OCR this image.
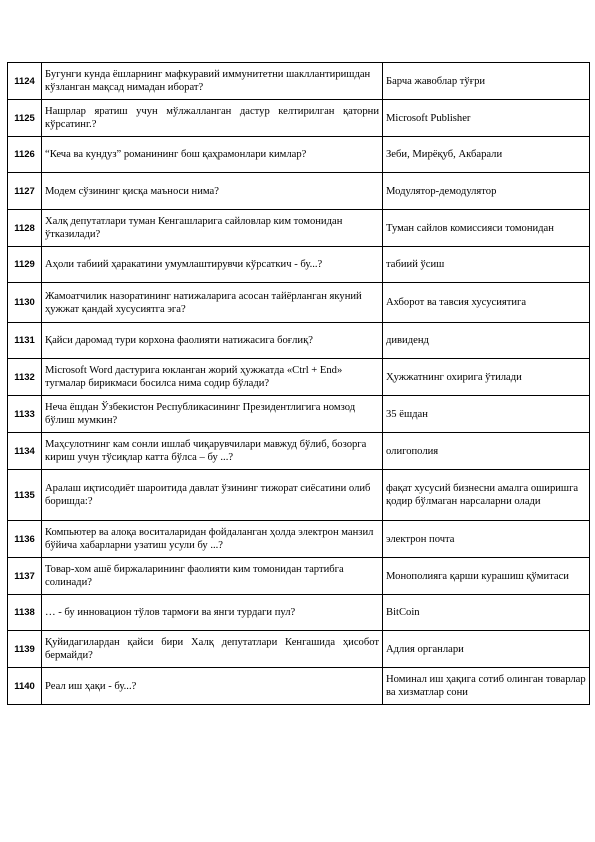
1124	Бугунги кунда ёшларнинг мафкуравий иммунитетни шакллантиришдан кўзланган мақсад нимадан иборат?	Барча жавоблар тўғри
1125	Нашрлар яратиш учун мўлжалланган дастур келтирилган қаторни кўрсатинг.?	Microsoft Publisher
1126	“Кеча ва кундуз” романининг бош қаҳрамонлари кимлар?	Зеби, Мирёқуб, Акбарали
1127	Модем сўзининг қисқа маъноси нима?	Модулятор-демодулятор
1128	Халқ депутатлари туман Кенгашларига сайловлар ким томонидан ўтказилади?	Туман сайлов комиссияси томонидан
1129	Аҳоли табиий ҳаракатини умумлаштирувчи кўрсаткич - бу...?	табиий ўсиш
1130	Жамоатчилик назоратининг натижаларига асосан тайёрланган якуний ҳужжат қандай хусусиятга эга?	Ахборот ва тавсия хусусиятига
1131	Қайси даромад тури корхона фаолияти натижасига боғлиқ?	дивиденд
1132	Microsoft Word дастурига юкланган жорий ҳужжатда «Ctrl + End» тугмалар бирикмаси босилса нима содир бўлади?	Ҳужжатнинг охирига ўтилади
1133	Неча ёшдан Ўзбекистон Республикасининг Президентлигига номзод бўлиш мумкин?	35 ёшдан
1134	Маҳсулотнинг кам сонли ишлаб чиқарувчилари мавжуд бўлиб, бозорга кириш учун тўсиқлар катта бўлса – бу ...?	олигополия
1135	Аралаш иқтисодиёт шароитида давлат ўзининг тижорат сиёсатини олиб боришда:?	фақат хусусий бизнесни амалга оширишга қодир бўлмаган нарсаларни олади
1136	Компьютер ва алоқа воситаларидан фойдаланган ҳолда электрон манзил бўйича хабарларни узатиш усули бу ...?	электрон почта
1137	Товар-хом ашё биржаларининг фаолияти ким томонидан тартибга солинади?	Монополияга қарши курашиш қўмитаси
1138	… - бу инновацион тўлов тармоғи ва янги турдаги пул?	BitCoin
1139	Қуйидагилардан қайси бири Халқ депутатлари Кенгашида ҳисобот бермайди?	Адлия органлари
1140	Реал иш ҳақи - бу...?	Номинал иш ҳақига сотиб олинган товарлар ва хизматлар сони
